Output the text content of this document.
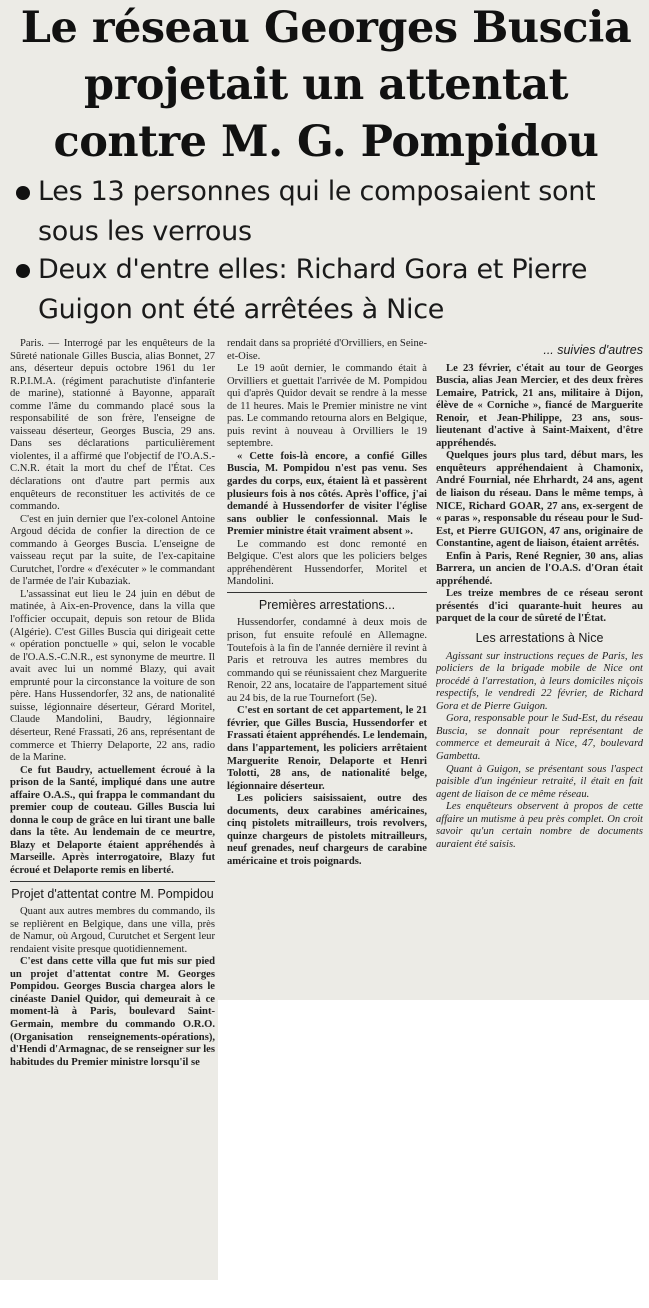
Le réseau Georges Buscia
projetait un attentat
contre M. G. Pompidou
Les 13 personnes qui le composaient sont sous les verrous
Deux d'entre elles: Richard Gora et Pierre Guigon ont été arrêtées à Nice

Paris. — Interrogé par les enquêteurs de la Sûreté nationale Gilles Buscia, alias Bonnet, 27 ans, déserteur depuis octobre 1961 du 1er R.P.I.M.A. (régiment parachutiste d'infanterie de marine), stationné à Bayonne, apparaît comme l'âme du commando placé sous la responsabilité de son frère, l'enseigne de vaisseau déserteur, Georges Buscia, 29 ans. Dans ses déclarations particulièrement violentes, il a affirmé que l'objectif de l'O.A.S.-C.N.R. était la mort du chef de l'État. Ces déclarations ont d'autre part permis aux enquêteurs de reconstituer les activités de ce commando.

C'est en juin dernier que l'ex-colonel Antoine Argoud décida de confier la direction de ce commando à Georges Buscia. L'enseigne de vaisseau reçut par la suite, de l'ex-capitaine Curutchet, l'ordre « d'exécuter » le commandant de l'armée de l'air Kubaziak.

L'assassinat eut lieu le 24 juin en début de matinée, à Aix-en-Provence, dans la villa que l'officier occupait, depuis son retour de Blida (Algérie). C'est Gilles Buscia qui dirigeait cette « opération ponctuelle » qui, selon le vocable de l'O.A.S.-C.N.R., est synonyme de meurtre. Il avait avec lui un nommé Blazy, qui avait emprunté pour la circonstance la voiture de son père. Hans Hussendorfer, 32 ans, de nationalité suisse, légionnaire déserteur, Gérard Moritel, Claude Mandolini, Baudry, légionnaire déserteur, René Frassati, 26 ans, représentant de commerce et Thierry Delaporte, 22 ans, radio de la Marine.

Ce fut Baudry, actuellement écroué à la prison de la Santé, impliqué dans une autre affaire O.A.S., qui frappa le commandant du premier coup de couteau. Gilles Buscia lui donna le coup de grâce en lui tirant une balle dans la tête. Au lendemain de ce meurtre, Blazy et Delaporte étaient appréhendés à Marseille. Après interrogatoire, Blazy fut écroué et Delaporte remis en liberté.

Projet d'attentat contre M. Pompidou

Quant aux autres membres du commando, ils se replièrent en Belgique, dans une villa, près de Namur, où Argoud, Curutchet et Sergent leur rendaient visite presque quotidiennement.

C'est dans cette villa que fut mis sur pied un projet d'attentat contre M. Georges Pompidou. Georges Buscia chargea alors le cinéaste Daniel Quidor, qui demeurait à ce moment-là à Paris, boulevard Saint-Germain, membre du commando O.R.O. (Organisation renseignements-opérations), d'Hendi d'Armagnac, de se renseigner sur les habitudes du Premier ministre lorsqu'il se

rendait dans sa propriété d'Orvilliers, en Seine-et-Oise.

Le 19 août dernier, le commando était à Orvilliers et guettait l'arrivée de M. Pompidou qui d'après Quidor devait se rendre à la messe de 11 heures. Mais le Premier ministre ne vint pas. Le commando retourna alors en Belgique, puis revint à nouveau à Orvilliers le 19 septembre.

« Cette fois-là encore, a confié Gilles Buscia, M. Pompidou n'est pas venu. Ses gardes du corps, eux, étaient là et passèrent plusieurs fois à nos côtés. Après l'office, j'ai demandé à Hussendorfer de visiter l'église sans oublier le confessionnal. Mais le Premier ministre était vraiment absent ».

Le commando est donc remonté en Belgique. C'est alors que les policiers belges appréhendèrent Hussendorfer, Moritel et Mandolini.

Premières arrestations...

Hussendorfer, condamné à deux mois de prison, fut ensuite refoulé en Allemagne. Toutefois à la fin de l'année dernière il revint à Paris et retrouva les autres membres du commando qui se réunissaient chez Marguerite Renoir, 22 ans, locataire de l'appartement situé au 24 bis, de la rue Tournefort (5e).

C'est en sortant de cet appartement, le 21 février, que Gilles Buscia, Hussendorfer et Frassati étaient appréhendés. Le lendemain, dans l'appartement, les policiers arrêtaient Marguerite Renoir, Delaporte et Henri Tolotti, 28 ans, de nationalité belge, légionnaire déserteur.

Les policiers saisissaient, outre des documents, deux carabines américaines, cinq pistolets mitrailleurs, trois revolvers, quinze chargeurs de pistolets mitrailleurs, neuf grenades, neuf chargeurs de carabine américaine et trois poignards.

... suivies d'autres

Le 23 février, c'était au tour de Georges Buscia, alias Jean Mercier, et des deux frères Lemaire, Patrick, 21 ans, militaire à Dijon, élève de « Corniche », fiancé de Marguerite Renoir, et Jean-Philippe, 23 ans, sous-lieutenant d'active à Saint-Maixent, d'être appréhendés.

Quelques jours plus tard, début mars, les enquêteurs appréhendaient à Chamonix, André Fournial, née Ehrhardt, 24 ans, agent de liaison du réseau. Dans le même temps, à NICE, Richard GOAR, 27 ans, ex-sergent de « paras », responsable du réseau pour le Sud-Est, et Pierre GUIGON, 47 ans, originaire de Constantine, agent de liaison, étaient arrêtés.

Enfin à Paris, René Regnier, 30 ans, alias Barrera, un ancien de l'O.A.S. d'Oran était appréhendé.

Les treize membres de ce réseau seront présentés d'ici quarante-huit heures au parquet de la cour de sûreté de l'État.

Les arrestations à Nice

Agissant sur instructions reçues de Paris, les policiers de la brigade mobile de Nice ont procédé à l'arrestation, à leurs domiciles niçois respectifs, le vendredi 22 février, de Richard Gora et de Pierre Guigon.

Gora, responsable pour le Sud-Est, du réseau Buscia, se donnait pour représentant de commerce et demeurait à Nice, 47, boulevard Gambetta.

Quant à Guigon, se présentant sous l'aspect paisible d'un ingénieur retraité, il était en fait agent de liaison de ce même réseau.

Les enquêteurs observent à propos de cette affaire un mutisme à peu près complet. On croit savoir qu'un certain nombre de documents auraient été saisis.
